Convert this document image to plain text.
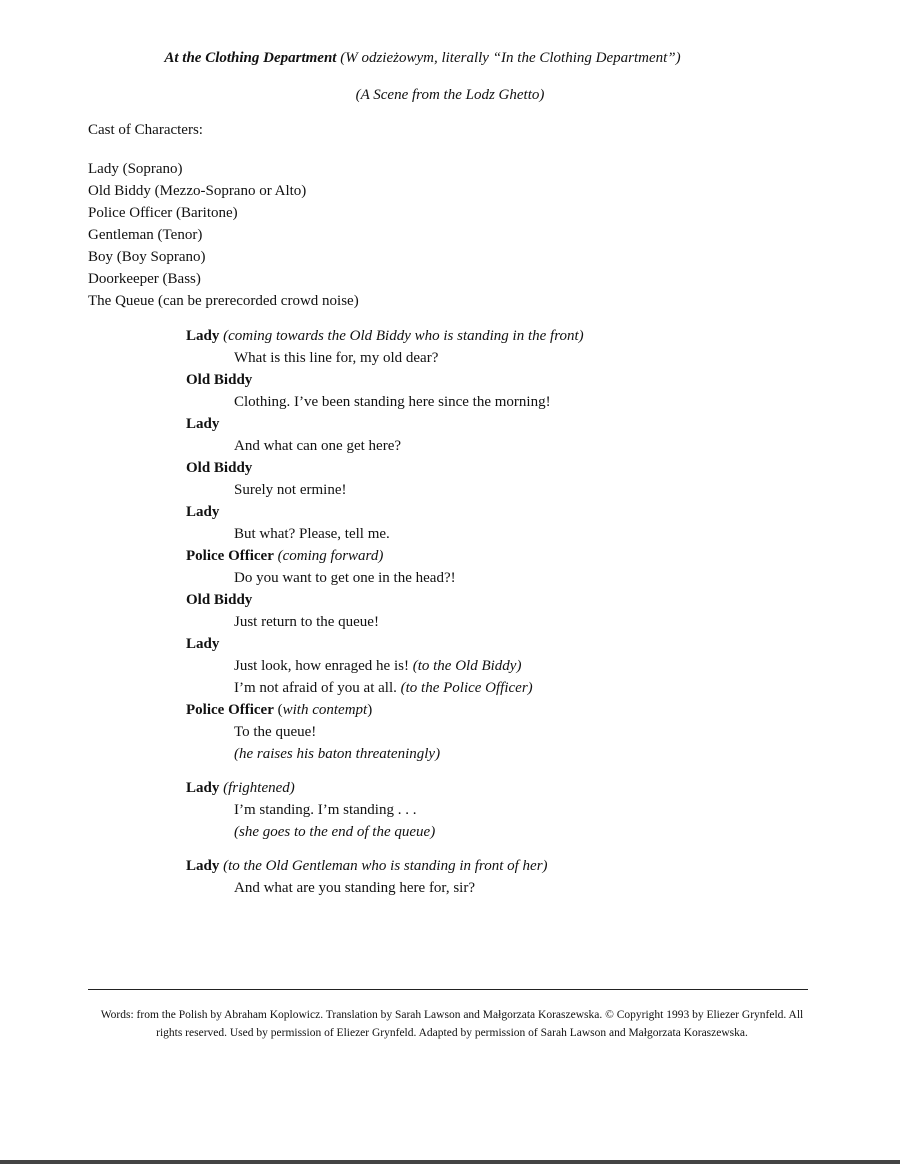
At the Clothing Department (W odzieżowym, literally “In the Clothing Department”)
(A Scene from the Lodz Ghetto)
Cast of Characters:
Lady (Soprano)
Old Biddy (Mezzo-Soprano or Alto)
Police Officer (Baritone)
Gentleman (Tenor)
Boy (Boy Soprano)
Doorkeeper (Bass)
The Queue (can be prerecorded crowd noise)
Lady (coming towards the Old Biddy who is standing in the front)
What is this line for, my old dear?
Old Biddy
Clothing. I’ve been standing here since the morning!
Lady
And what can one get here?
Old Biddy
Surely not ermine!
Lady
But what? Please, tell me.
Police Officer (coming forward)
Do you want to get one in the head?!
Old Biddy
Just return to the queue!
Lady
Just look, how enraged he is! (to the Old Biddy)
I’m not afraid of you at all. (to the Police Officer)
Police Officer (with contempt)
To the queue!
(he raises his baton threateningly)
Lady (frightened)
I’m standing. I’m standing . . .
(she goes to the end of the queue)
Lady (to the Old Gentleman who is standing in front of her)
And what are you standing here for, sir?
Words: from the Polish by Abraham Koplowicz. Translation by Sarah Lawson and Małgorzata Koraszewska. © Copyright 1993 by Eliezer Grynfeld. All rights reserved. Used by permission of Eliezer Grynfeld. Adapted by permission of Sarah Lawson and Małgorzata Koraszewska.
